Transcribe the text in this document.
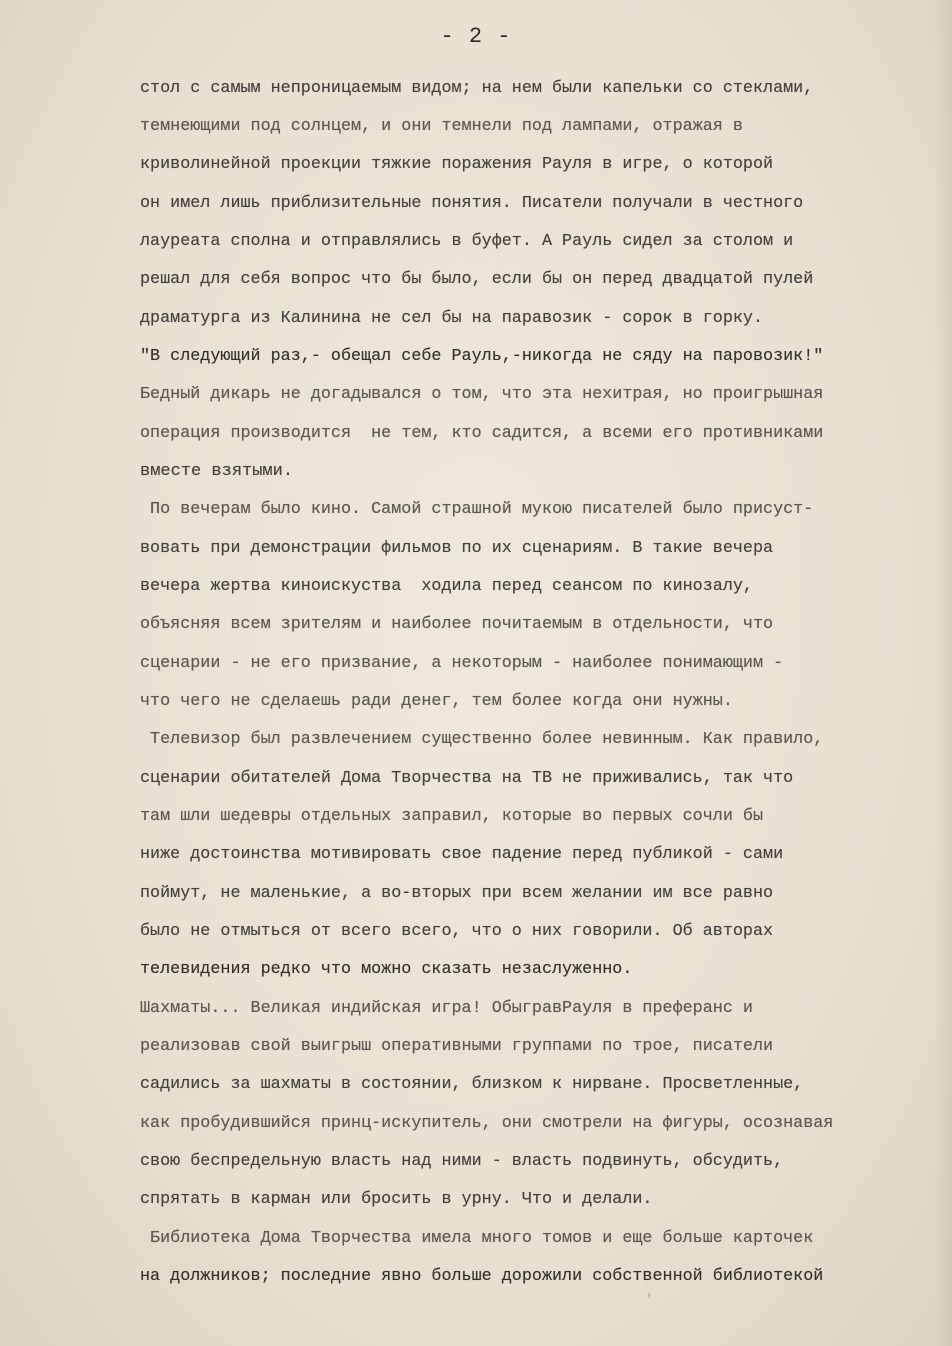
- 2 -
стол с самым непроницаемым видом; на нем были капельки со стеклами,
темнеющими под солнцем, и они темнели под лампами, отражая в
криволинейной проекции тяжкие поражения Рауля в игре, о которой
он имел лишь приблизительные понятия. Писатели получали в честного
лауреата сполна и отправлялись в буфет. А Рауль сидел за столом и
решал для себя вопрос что бы было, если бы он перед двадцатой пулей
драматурга из Калинина не сел бы на паравозик - сорок в горку.
"В следующий раз,- обещал себе Рауль,-никогда не сяду на паровозик!"
Бедный дикарь не догадывался о том, что эта нехитрая, но проигрышная
операция производится  не тем, кто садится, а всеми его противниками
вместе взятыми.
По вечерам было кино. Самой страшной мукою писателей было присуст-
вовать при демонстрации фильмов по их сценариям. В такие вечера
вечера жертва киноискуства  ходила перед сеансом по кинозалу,
объясняя всем зрителям и наиболее почитаемым в отдельности, что
сценарии - не его призвание, а некоторым - наиболее понимающим -
что чего не сделаешь ради денег, тем более когда они нужны.
Телевизор был развлечением существенно более невинным. Как правило,
сценарии обитателей Дома Творчества на ТВ не приживались, так что
там шли шедевры отдельных заправил, которые во первых сочли бы
ниже достоинства мотивировать свое падение перед публикой - сами
поймут, не маленькие, а во-вторых при всем желании им все равно
было не отмыться от всего всего, что о них говорили. Об авторах
телевидения редко что можно сказать незаслуженно.
Шахматы... Великая индийская игра! ОбыгравРауля в преферанс и
реализовав свой выигрыш оперативными группами по трое, писатели
садились за шахматы в состоянии, близком к нирване. Просветленные,
как пробудившийся принц-искупитель, они смотрели на фигуры, осознавая
свою беспредельную власть над ними - власть подвинуть, обсудить,
спрятать в карман или бросить в урну. Что и делали.
Библиотека Дома Творчества имела много томов и еще больше карточек
на должников; последние явно больше дорожили собственной библиотекой
ᵼ
